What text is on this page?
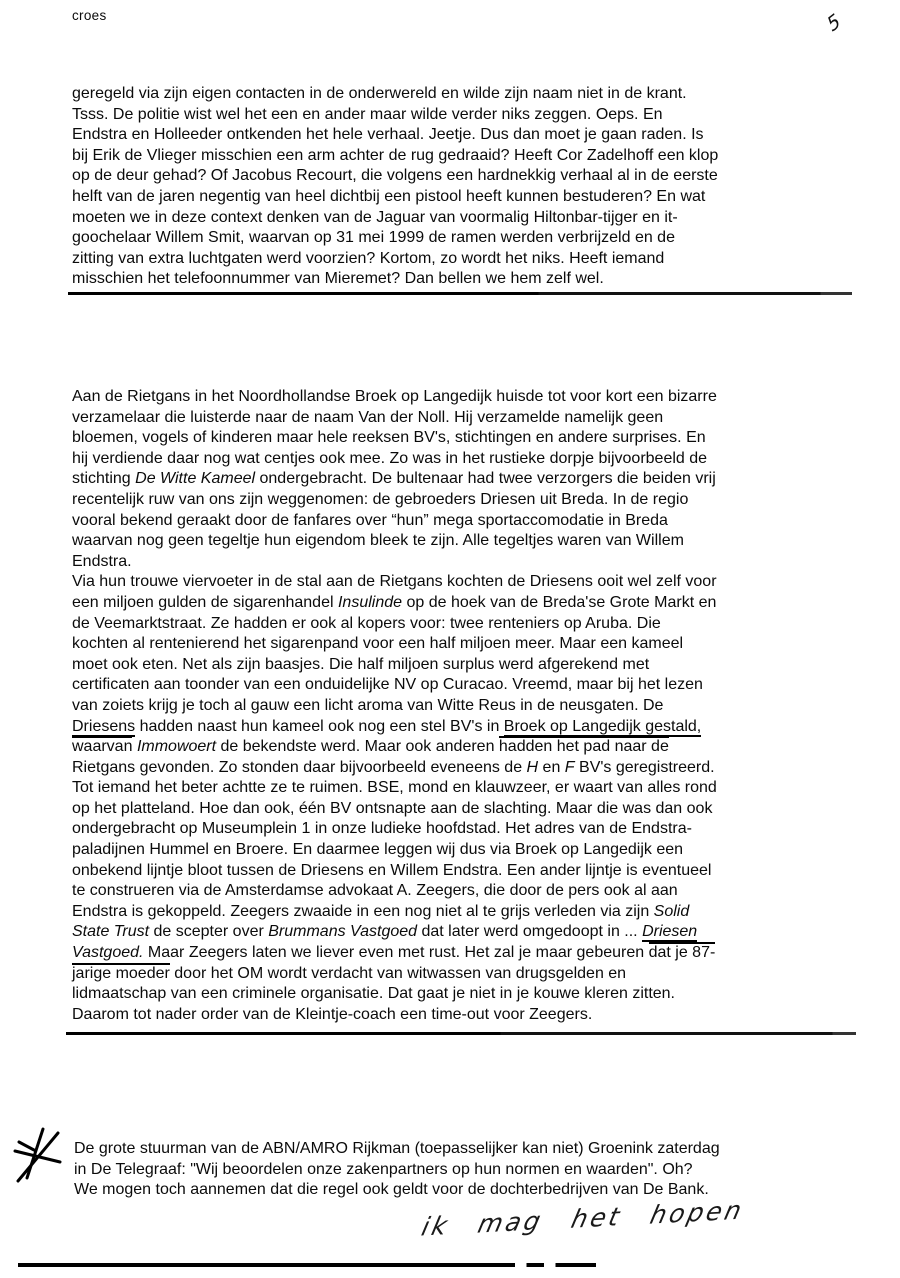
croes	5
geregeld via zijn eigen contacten in de onderwereld en wilde zijn naam niet in de krant.
Tsss. De politie wist wel het een en ander maar wilde verder niks zeggen. Oeps. En
Endstra en Holleeder ontkenden het hele verhaal. Jeetje. Dus dan moet je gaan raden. Is
bij Erik de Vlieger misschien een arm achter de rug gedraaid? Heeft Cor Zadelhoff een klop
op de deur gehad? Of Jacobus Recourt, die volgens een hardnekkig verhaal al in de eerste
helft van de jaren negentig van heel dichtbij een pistool heeft kunnen bestuderen? En wat
moeten we in deze context denken van de Jaguar van voormalig Hiltonbar-tijger en it-
goochelaar Willem Smit, waarvan op 31 mei 1999 de ramen werden verbrijzeld en de
zitting van extra luchtgaten werd voorzien? Kortom, zo wordt het niks. Heeft iemand
misschien het telefoonnummer van Mieremet? Dan bellen we hem zelf wel.
Aan de Rietgans in het Noordhollandse Broek op Langedijk huisde tot voor kort een bizarre
verzamelaar die luisterde naar de naam Van der Noll. Hij verzamelde namelijk geen
bloemen, vogels of kinderen maar hele reeksen BV's, stichtingen en andere surprises. En
hij verdiende daar nog wat centjes ook mee. Zo was in het rustieke dorpje bijvoorbeeld de
stichting De Witte Kameel ondergebracht. De bultenaar had twee verzorgers die beiden vrij
recentelijk ruw van ons zijn weggenomen: de gebroeders Driesen uit Breda. In de regio
vooral bekend geraakt door de fanfares over “hun” mega sportaccomodatie in Breda
waarvan nog geen tegeltje hun eigendom bleek te zijn. Alle tegeltjes waren van Willem
Endstra.
Via hun trouwe viervoeter in de stal aan de Rietgans kochten de Driesens ooit wel zelf voor
een miljoen gulden de sigarenhandel Insulinde op de hoek van de Breda'se Grote Markt en
de Veemarktstraat. Ze hadden er ook al kopers voor: twee renteniers op Aruba. Die
kochten al rentenierend het sigarenpand voor een half miljoen meer. Maar een kameel
moet ook eten. Net als zijn baasjes. Die half miljoen surplus werd afgerekend met
certificaten aan toonder van een onduidelijke NV op Curacao. Vreemd, maar bij het lezen
van zoiets krijg je toch al gauw een licht aroma van Witte Reus in de neusgaten. De
Driesens hadden naast hun kameel ook nog een stel BV's in Broek op Langedijk gestald,
waarvan Immowoert de bekendste werd. Maar ook anderen hadden het pad naar de
Rietgans gevonden. Zo stonden daar bijvoorbeeld eveneens de H en F BV's geregistreerd.
Tot iemand het beter achtte ze te ruimen. BSE, mond en klauwzeer, er waart van alles rond
op het platteland. Hoe dan ook, één BV ontsnapte aan de slachting. Maar die was dan ook
ondergebracht op Museumplein 1 in onze ludieke hoofdstad. Het adres van de Endstra-
paladijnen Hummel en Broere. En daarmee leggen wij dus via Broek op Langedijk een
onbekend lijntje bloot tussen de Driesens en Willem Endstra. Een ander lijntje is eventueel
te construeren via de Amsterdamse advokaat A. Zeegers, die door de pers ook al aan
Endstra is gekoppeld. Zeegers zwaaide in een nog niet al te grijs verleden via zijn Solid
State Trust de scepter over Brummans Vastgoed dat later werd omgedoopt in ... Driesen
Vastgoed. Maar Zeegers laten we liever even met rust. Het zal je maar gebeuren dat je 87-
jarige moeder door het OM wordt verdacht van witwassen van drugsgelden en
lidmaatschap van een criminele organisatie. Dat gaat je niet in je kouwe kleren zitten.
Daarom tot nader order van de Kleintje-coach een time-out voor Zeegers.
De grote stuurman van de ABN/AMRO Rijkman (toepasselijker kan niet) Groenink zaterdag
in De Telegraaf: "Wij beoordelen onze zakenpartners op hun normen en waarden". Oh?
We mogen toch aannemen dat die regel ook geldt voor de dochterbedrijven van De Bank.
ik mag het hopen
